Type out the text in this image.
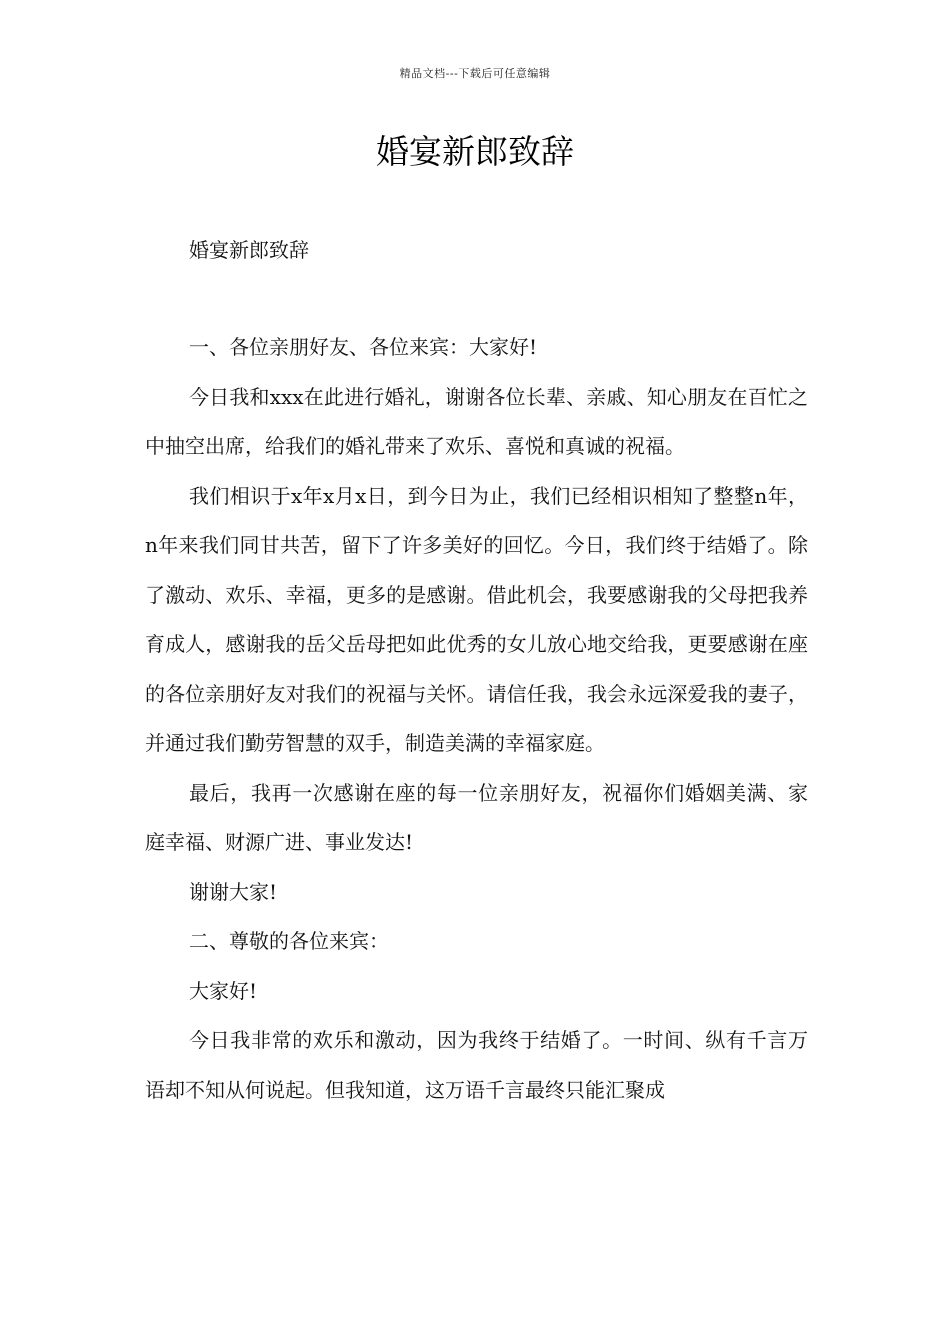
精品文档---下载后可任意编辑
婚宴新郎致辞

婚宴新郎致辞

一、各位亲朋好友、各位来宾：大家好!

今日我和xxx在此进行婚礼，谢谢各位长辈、亲戚、知心朋友在百忙之中抽空出席，给我们的婚礼带来了欢乐、喜悦和真诚的祝福。

我们相识于x年x月x日，到今日为止，我们已经相识相知了整整n年，n年来我们同甘共苦，留下了许多美好的回忆。今日，我们终于结婚了。除了激动、欢乐、幸福，更多的是感谢。借此机会，我要感谢我的父母把我养育成人，感谢我的岳父岳母把如此优秀的女儿放心地交给我，更要感谢在座的各位亲朋好友对我们的祝福与关怀。请信任我，我会永远深爱我的妻子，并通过我们勤劳智慧的双手，制造美满的幸福家庭。

最后，我再一次感谢在座的每一位亲朋好友，祝福你们婚姻美满、家庭幸福、财源广进、事业发达!

谢谢大家!

二、尊敬的各位来宾：

大家好!

今日我非常的欢乐和激动，因为我终于结婚了。一时间、纵有千言万语却不知从何说起。但我知道，这万语千言最终只能汇聚成
